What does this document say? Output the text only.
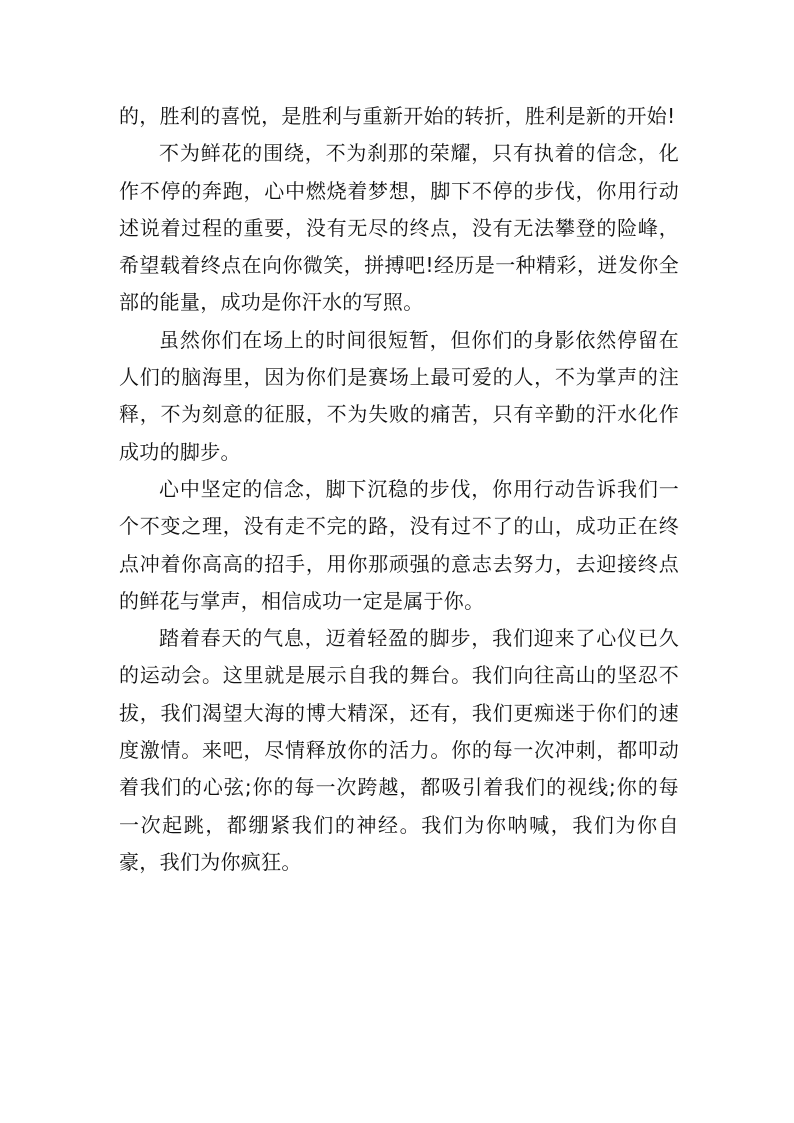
的，胜利的喜悦，是胜利与重新开始的转折，胜利是新的开始!

不为鲜花的围绕，不为刹那的荣耀，只有执着的信念，化作不停的奔跑，心中燃烧着梦想，脚下不停的步伐，你用行动述说着过程的重要，没有无尽的终点，没有无法攀登的险峰，希望载着终点在向你微笑，拼搏吧!经历是一种精彩，迸发你全部的能量，成功是你汗水的写照。

虽然你们在场上的时间很短暂，但你们的身影依然停留在人们的脑海里，因为你们是赛场上最可爱的人，不为掌声的注释，不为刻意的征服，不为失败的痛苦，只有辛勤的汗水化作成功的脚步。

心中坚定的信念，脚下沉稳的步伐，你用行动告诉我们一个不变之理，没有走不完的路，没有过不了的山，成功正在终点冲着你高高的招手，用你那顽强的意志去努力，去迎接终点的鲜花与掌声，相信成功一定是属于你。

踏着春天的气息，迈着轻盈的脚步，我们迎来了心仪已久的运动会。这里就是展示自我的舞台。我们向往高山的坚忍不拔，我们渴望大海的博大精深，还有，我们更痴迷于你们的速度激情。来吧，尽情释放你的活力。你的每一次冲刺，都叩动着我们的心弦;你的每一次跨越，都吸引着我们的视线;你的每一次起跳，都绷紧我们的神经。我们为你呐喊，我们为你自豪，我们为你疯狂。
